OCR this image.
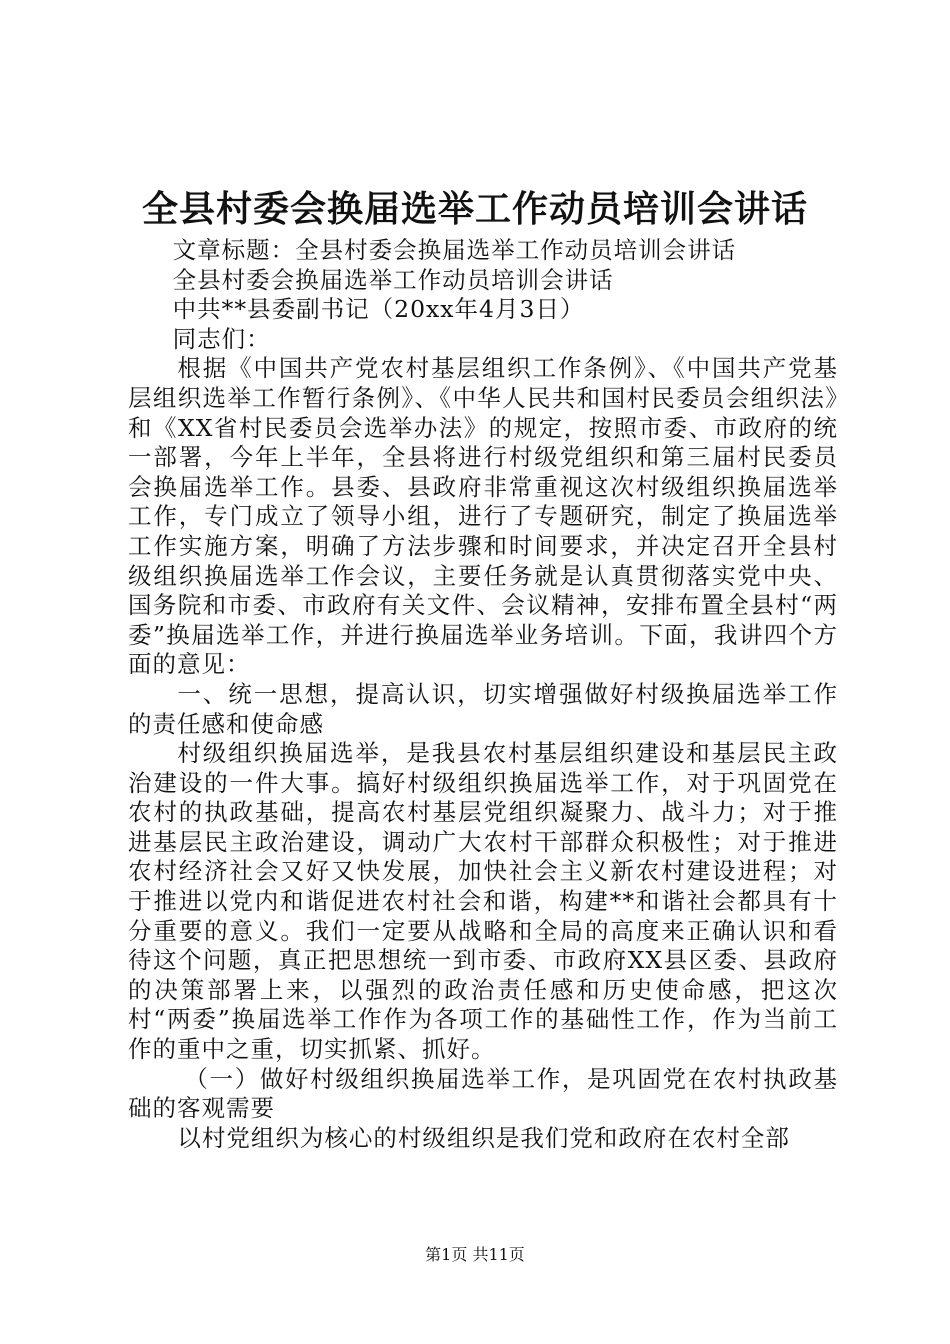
全县村委会换届选举工作动员培训会讲话

文章标题：全县村委会换届选举工作动员培训会讲话

全县村委会换届选举工作动员培训会讲话

中共**县委副书记（20xx年4月3日）

同志们：

根据《中国共产党农村基层组织工作条例》、《中国共产党基层组织选举工作暂行条例》、《中华人民共和国村民委员会组织法》和《XX省村民委员会选举办法》的规定，按照市委、市政府的统一部署，今年上半年，全县将进行村级党组织和第三届村民委员会换届选举工作。县委、县政府非常重视这次村级组织换届选举工作，专门成立了领导小组，进行了专题研究，制定了换届选举工作实施方案，明确了方法步骤和时间要求，并决定召开全县村级组织换届选举工作会议，主要任务就是认真贯彻落实党中央、国务院和市委、市政府有关文件、会议精神，安排布置全县村“两委”换届选举工作，并进行换届选举业务培训。下面，我讲四个方面的意见：

一、统一思想，提高认识，切实增强做好村级换届选举工作的责任感和使命感

村级组织换届选举，是我县农村基层组织建设和基层民主政治建设的一件大事。搞好村级组织换届选举工作，对于巩固党在农村的执政基础，提高农村基层党组织凝聚力、战斗力；对于推进基层民主政治建设，调动广大农村干部群众积极性；对于推进农村经济社会又好又快发展，加快社会主义新农村建设进程；对于推进以党内和谐促进农村社会和谐，构建**和谐社会都具有十分重要的意义。我们一定要从战略和全局的高度来正确认识和看待这个问题，真正把思想统一到市委、市政府XX县区委、县政府的决策部署上来，以强烈的政治责任感和历史使命感，把这次村“两委”换届选举工作作为各项工作的基础性工作，作为当前工作的重中之重，切实抓紧、抓好。

（一）做好村级组织换届选举工作，是巩固党在农村执政基础的客观需要

以村党组织为核心的村级组织是我们党和政府在农村全部

第1页 共11页
